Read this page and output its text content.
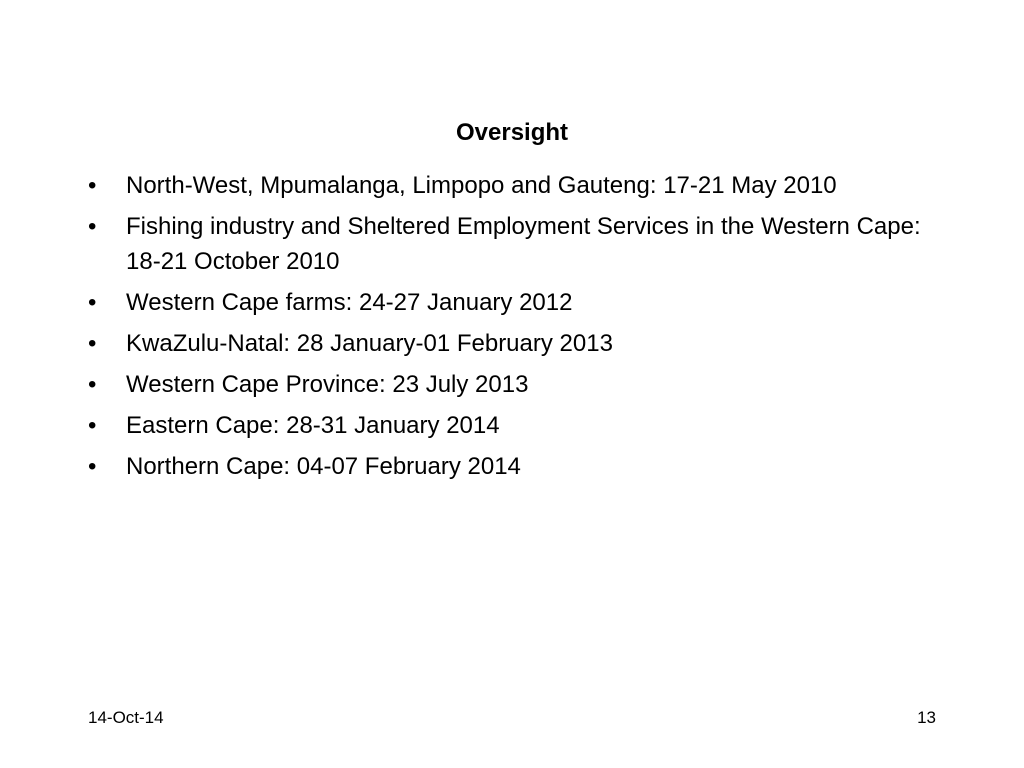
Oversight
•	North-West, Mpumalanga, Limpopo and Gauteng: 17-21 May 2010
•	Fishing industry and Sheltered Employment Services in the Western Cape: 18-21 October 2010
•	Western Cape farms: 24-27 January 2012
•	KwaZulu-Natal: 28 January-01 February 2013
•	Western Cape Province: 23 July 2013
•	Eastern Cape: 28-31 January 2014
•	Northern Cape: 04-07 February 2014
14-Oct-14	13
